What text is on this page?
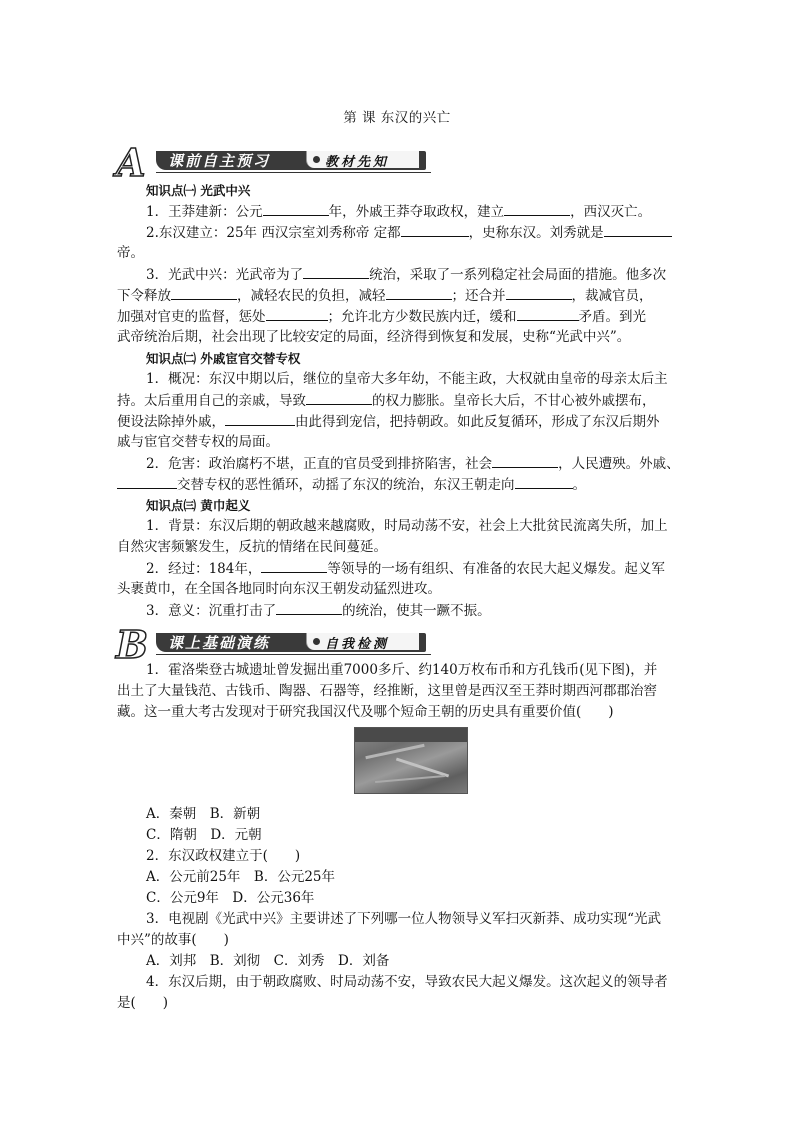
第 课 东汉的兴亡
A 课前自主预习	教材先知
知识点㈠ 光武中兴
1．王莽建新：公元	年，外戚王莽夺取政权，建立	，西汉灭亡。
2.东汉建立：25年 西汉宗室刘秀称帝 定都	，史称东汉。刘秀就是
帝。
3．光武中兴：光武帝为了	统治，采取了一系列稳定社会局面的措施。他多次
下令释放	，减轻农民的负担，减轻	；还合并	，裁减官员，
加强对官吏的监督，惩处	；允许北方少数民族内迁，缓和	矛盾。到光
武帝统治后期，社会出现了比较安定的局面，经济得到恢复和发展，史称“光武中兴”。
知识点㈡ 外戚宦官交替专权
1．概况：东汉中期以后，继位的皇帝大多年幼，不能主政，大权就由皇帝的母亲太后主
持。太后重用自己的亲戚，导致	的权力膨胀。皇帝长大后，不甘心被外戚摆布，
便设法除掉外戚，	由此得到宠信，把持朝政。如此反复循环，形成了东汉后期外
戚与宦官交替专权的局面。
2．危害：政治腐朽不堪，正直的官员受到排挤陷害，社会	，人民遭殃。外戚、
交替专权的恶性循环，动摇了东汉的统治，东汉王朝走向	。
知识点㈢ 黄巾起义
1．背景：东汉后期的朝政越来越腐败，时局动荡不安，社会上大批贫民流离失所，加上
自然灾害频繁发生，反抗的情绪在民间蔓延。
2．经过：184年，	等领导的一场有组织、有准备的农民大起义爆发。起义军
头裹黄巾，在全国各地同时向东汉王朝发动猛烈进攻。
3．意义：沉重打击了	的统治，使其一蹶不振。
B 课上基础演练	自我检测
1．霍洛柴登古城遗址曾发掘出重7000多斤、约140万枚布币和方孔钱币(见下图)，并
出土了大量钱范、古钱币、陶器、石器等，经推断，这里曾是西汉至王莽时期西河郡郡治窖
藏。这一重大考古发现对于研究我国汉代及哪个短命王朝的历史具有重要价值(　　)
A．秦朝　B．新朝
C．隋朝　D．元朝
2．东汉政权建立于(　　)
A．公元前25年　B．公元25年
C．公元9年　D．公元36年
3．电视剧《光武中兴》主要讲述了下列哪一位人物领导义军扫灭新莽、成功实现“光武
中兴”的故事(　　)
A．刘邦　B．刘彻　C．刘秀　D．刘备
4．东汉后期，由于朝政腐败、时局动荡不安，导致农民大起义爆发。这次起义的领导者
是(　　)
